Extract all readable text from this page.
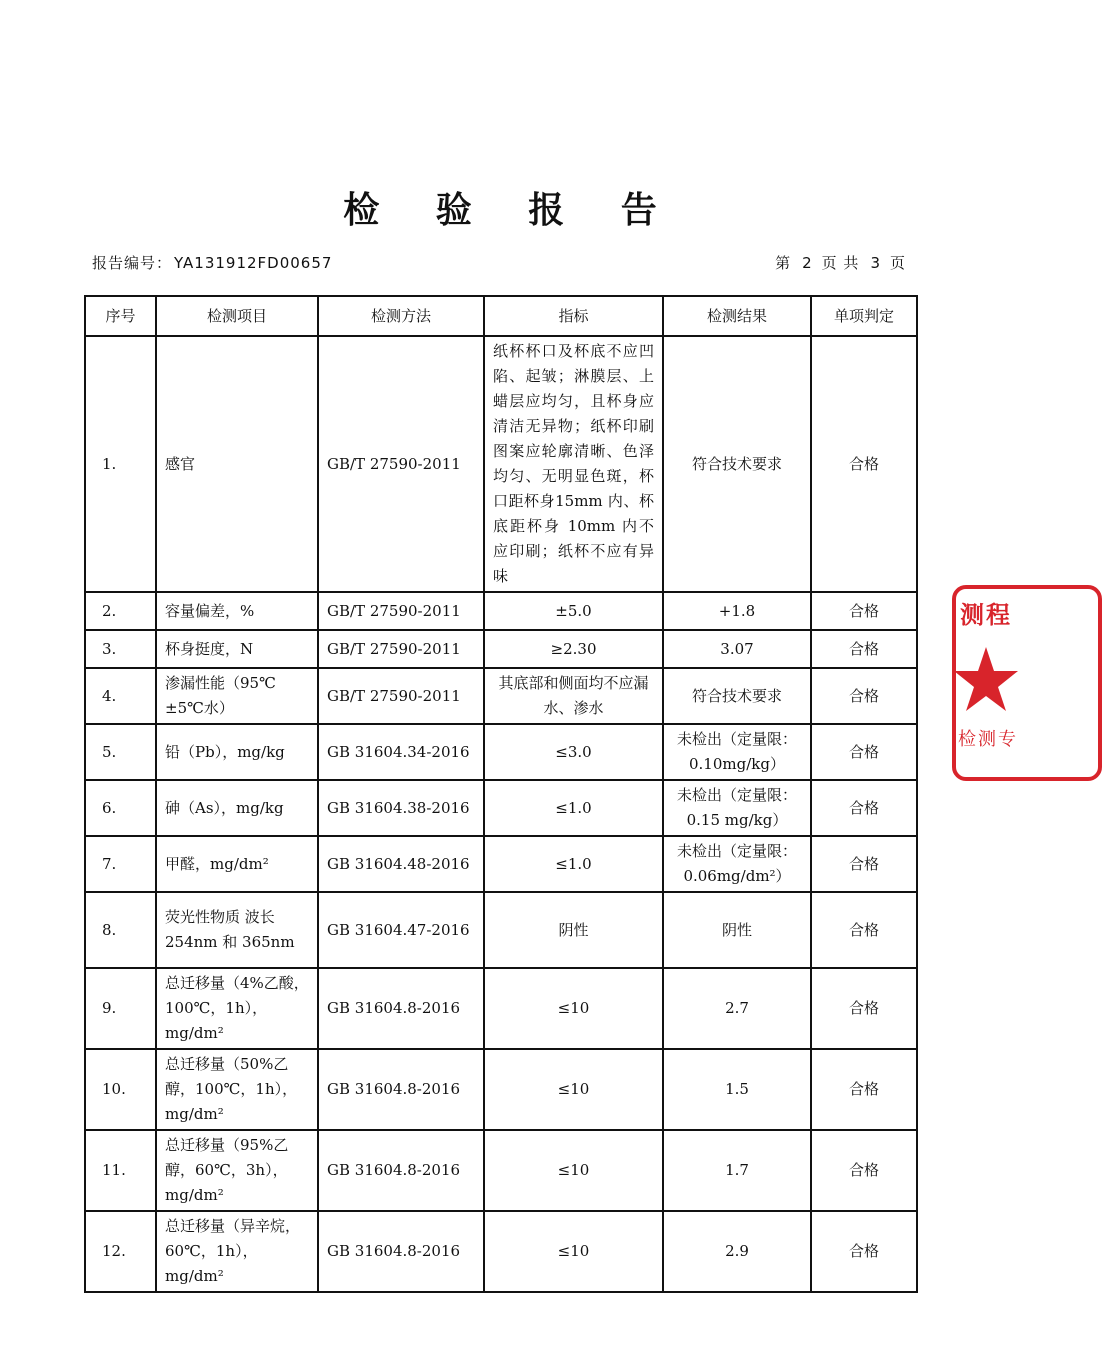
检 验 报 告
报告编号： YA131912FD00657	第 2 页 共 3 页
序号	检测项目	检测方法	指标	检测结果	单项判定
1.	感官	GB/T 27590-2011	纸杯杯口及杯底不应凹陷、起皱；淋膜层、上蜡层应均匀，且杯身应清洁无异物；纸杯印刷图案应轮廓清晰、色泽均匀、无明显色斑，杯口距杯身15mm 内、杯底距杯身 10mm 内不应印刷；纸杯不应有异味	符合技术要求	合格
2.	容量偏差，%	GB/T 27590-2011	±5.0	+1.8	合格
3.	杯身挺度，N	GB/T 27590-2011	≥2.30	3.07	合格
4.	渗漏性能（95℃±5℃水）	GB/T 27590-2011	其底部和侧面均不应漏水、渗水	符合技术要求	合格
5.	铅（Pb），mg/kg	GB 31604.34-2016	≤3.0	未检出（定量限：0.10mg/kg）	合格
6.	砷（As），mg/kg	GB 31604.38-2016	≤1.0	未检出（定量限：0.15 mg/kg）	合格
7.	甲醛，mg/dm²	GB 31604.48-2016	≤1.0	未检出（定量限：0.06mg/dm²）	合格
8.	荧光性物质 波长 254nm 和 365nm	GB 31604.47-2016	阴性	阴性	合格
9.	总迁移量（4%乙酸，100℃，1h），mg/dm²	GB 31604.8-2016	≤10	2.7	合格
10.	总迁移量（50%乙醇，100℃，1h），mg/dm²	GB 31604.8-2016	≤10	1.5	合格
11.	总迁移量（95%乙醇，60℃，3h），mg/dm²	GB 31604.8-2016	≤10	1.7	合格
12.	总迁移量（异辛烷，60℃，1h），mg/dm²	GB 31604.8-2016	≤10	2.9	合格
测程
检测专
